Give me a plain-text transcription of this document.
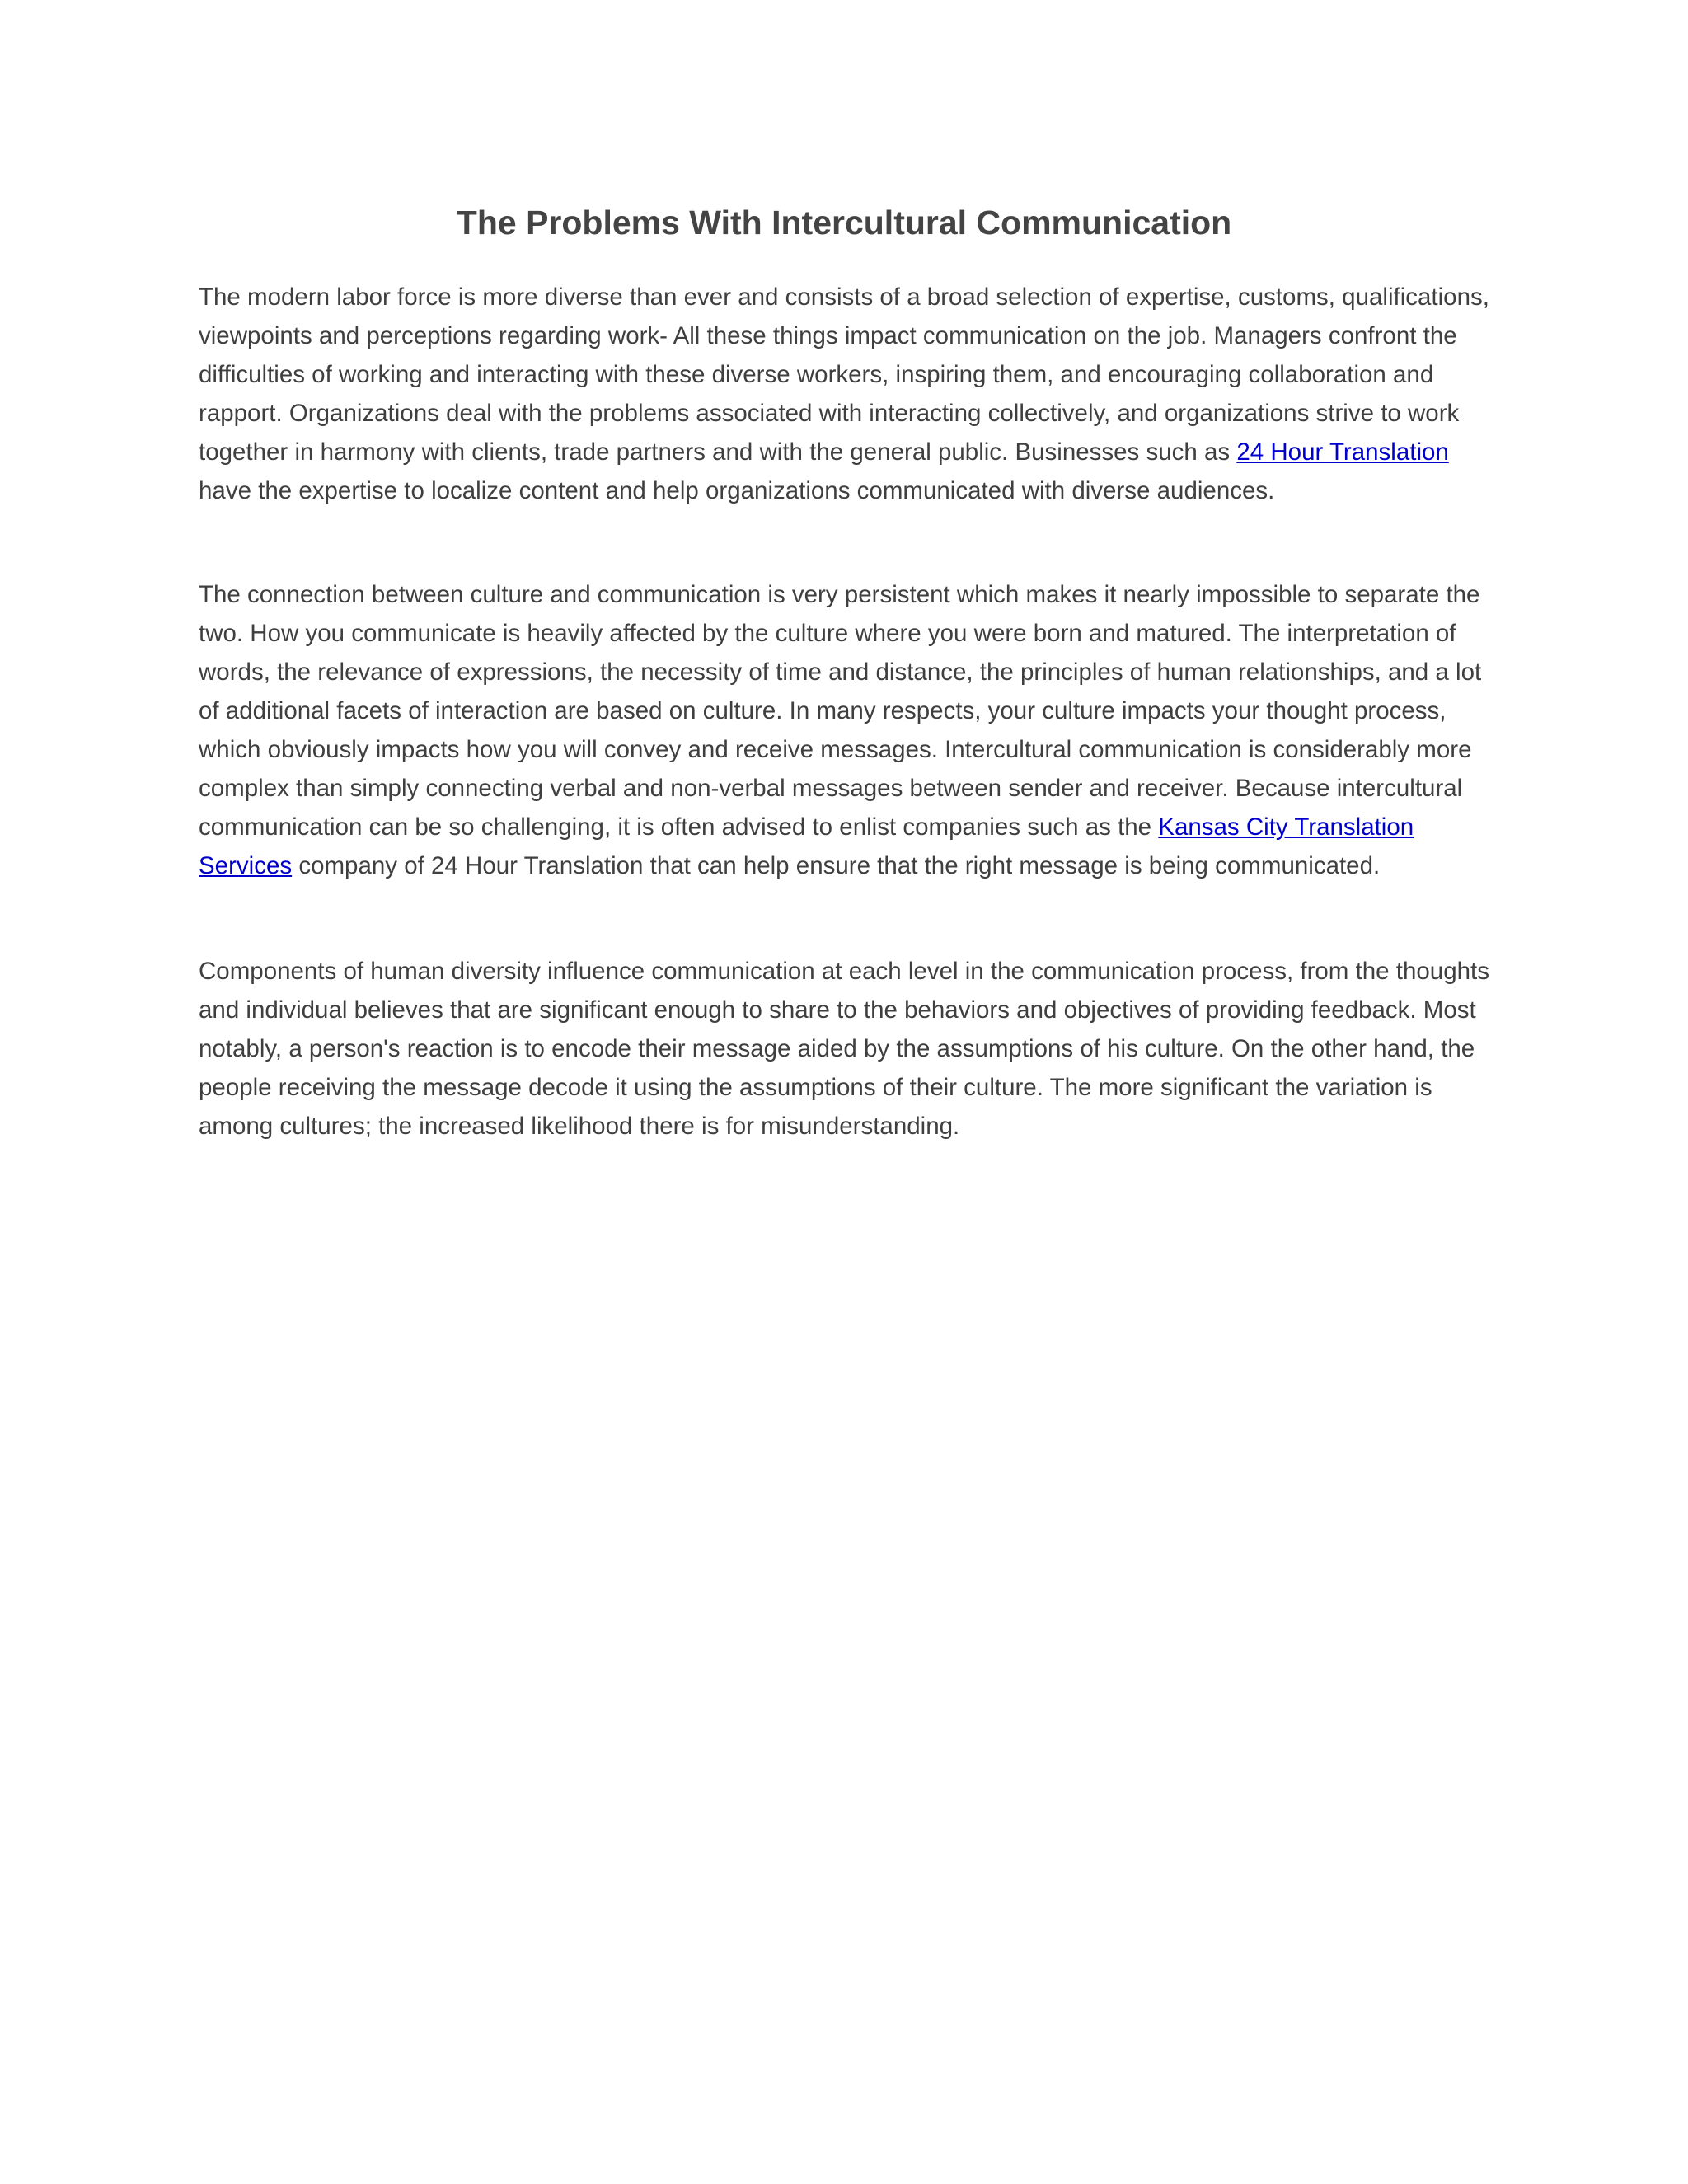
The Problems With Intercultural Communication

The modern labor force is more diverse than ever and consists of a broad selection of expertise, customs, qualifications, viewpoints and perceptions regarding work- All these things impact communication on the job. Managers confront the difficulties of working and interacting with these diverse workers, inspiring them, and encouraging collaboration and rapport. Organizations deal with the problems associated with interacting collectively, and organizations strive to work together in harmony with clients, trade partners and with the general public. Businesses such as 24 Hour Translation have the expertise to localize content and help organizations communicated with diverse audiences.

The connection between culture and communication is very persistent which makes it nearly impossible to separate the two. How you communicate is heavily affected by the culture where you were born and matured. The interpretation of words, the relevance of expressions, the necessity of time and distance, the principles of human relationships, and a lot of additional facets of interaction are based on culture. In many respects, your culture impacts your thought process, which obviously impacts how you will convey and receive messages. Intercultural communication is considerably more complex than simply connecting verbal and non-verbal messages between sender and receiver. Because intercultural communication can be so challenging, it is often advised to enlist companies such as the Kansas City Translation Services company of 24 Hour Translation that can help ensure that the right message is being communicated.

Components of human diversity influence communication at each level in the communication process, from the thoughts and individual believes that are significant enough to share to the behaviors and objectives of providing feedback. Most notably, a person's reaction is to encode their message aided by the assumptions of his culture. On the other hand, the people receiving the message decode it using the assumptions of their culture. The more significant the variation is among cultures; the increased likelihood there is for misunderstanding.
